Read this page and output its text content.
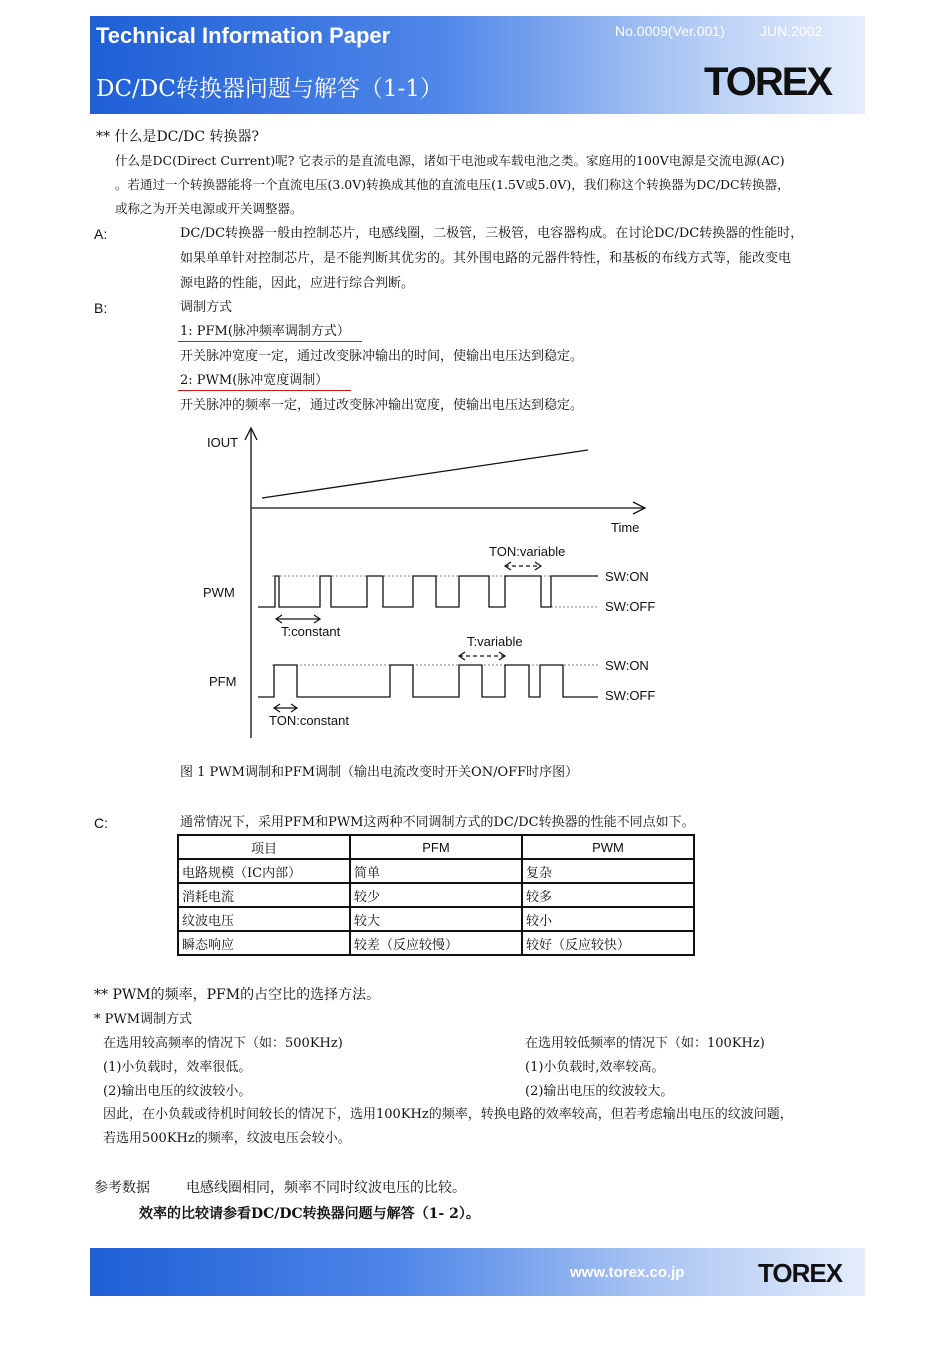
Technical Information Paper	No.0009(Ver.001)	JUN.2002
DC/DC转换器问题与解答（1-1）	TOREX
** 什么是DC/DC 转换器?
什么是DC(Direct Current)呢? 它表示的是直流电源，诸如干电池或车载电池之类。家庭用的100V电源是交流电源(AC)
。若通过一个转换器能将一个直流电压(3.0V)转换成其他的直流电压(1.5V或5.0V)，我们称这个转换器为DC/DC转换器，
或称之为开关电源或开关调整器。
A:	DC/DC转换器一般由控制芯片，电感线圈，二极管，三极管，电容器构成。在讨论DC/DC转换器的性能时，
如果单单针对控制芯片，是不能判断其优劣的。其外围电路的元器件特性，和基板的布线方式等，能改变电
源电路的性能，因此，应进行综合判断。
B:	调制方式
1: PFM(脉冲频率调制方式）
开关脉冲宽度一定，通过改变脉冲输出的时间，使输出电压达到稳定。
2: PWM(脉冲宽度调制）
开关脉冲的频率一定，通过改变脉冲输出宽度，使输出电压达到稳定。
IOUT
Time
TON:variable
PWM
SW:ON
SW:OFF
T:constant
T:variable
PFM
SW:ON
SW:OFF
TON:constant
图 1 PWM调制和PFM调制（输出电流改变时开关ON/OFF时序图）
C:	通常情况下，采用PFM和PWM这两种不同调制方式的DC/DC转换器的性能不同点如下。
项目	PFM	PWM
电路规模（IC内部）	简单	复杂
消耗电流	较少	较多
纹波电压	较大	较小
瞬态响应	较差（反应较慢）	较好（反应较快）
** PWM的频率，PFM的占空比的选择方法。
* PWM调制方式
在选用较高频率的情况下（如：500KHz)
(1)小负载时，效率很低。
(2)输出电压的纹波较小。
在选用较低频率的情况下（如：100KHz)
(1)小负载时,效率较高。
(2)输出电压的纹波较大。
因此，在小负载或待机时间较长的情况下，选用100KHz的频率，转换电路的效率较高，但若考虑输出电压的纹波问题，
若选用500KHz的频率，纹波电压会较小。
参考数据	电感线圈相同，频率不同时纹波电压的比较。
效率的比较请参看DC/DC转换器问题与解答（1- 2）。
www.torex.co.jp	TOREX
